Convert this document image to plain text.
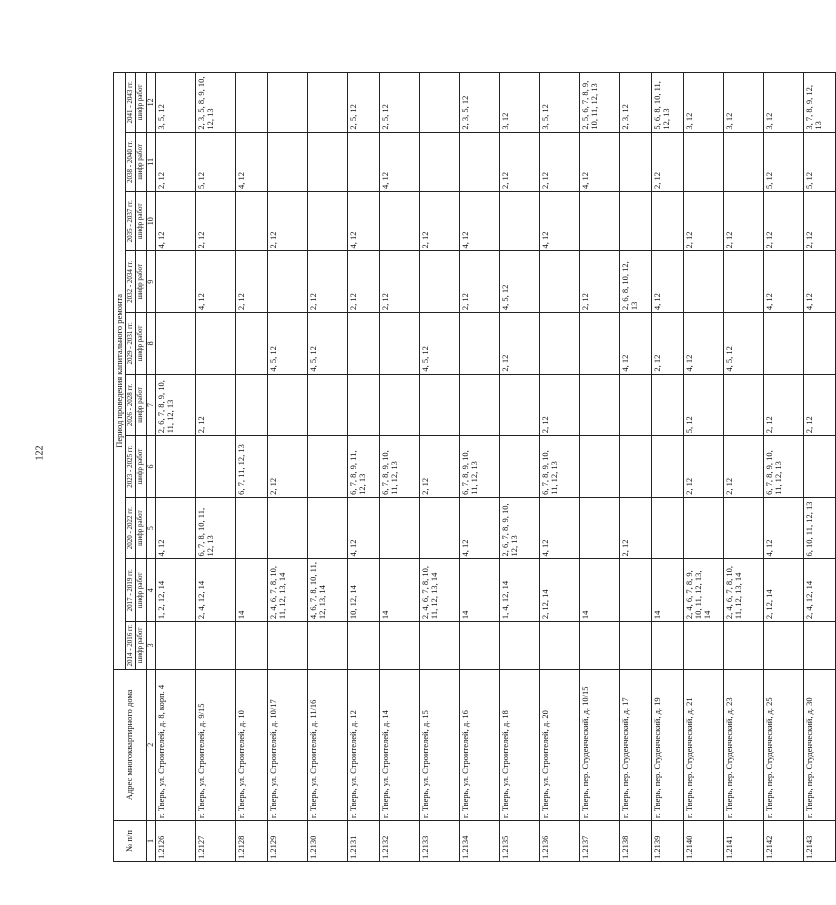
122
№ п/п	Адрес многоквартирного дома	Период проведения капитального ремонта									
		2014 - 2016 гг.	2017 - 2019 гг.	2020 - 2022 гг.	2023 - 2025 гг.	2026 - 2028 гг.	2029 - 2031 гг.	2032 - 2034 гг.	2035 - 2037 гг.	2038 - 2040 гг.	2041 - 2043 гг.
		шифр работ	шифр работ	шифр работ	шифр работ	шифр работ	шифр работ	шифр работ	шифр работ	шифр работ	шифр работ
1	2	3	4	5	6	7	8	9	10	11	12
1.2126	г. Тверь, ул. Строителей, д. 8, корп. 4		1, 2, 12, 14	4, 12		2, 6, 7, 8, 9, 10, 11, 12, 13			4, 12	2, 12	3, 5, 12
1.2127	г. Тверь, ул. Строителей, д. 9/15		2, 4, 12, 14	6, 7, 8, 10, 11, 12, 13		2, 12		4, 12	2, 12	5, 12	2, 3, 5, 8, 9, 10, 12, 13
1.2128	г. Тверь, ул. Строителей, д. 10		14		6, 7, 11, 12, 13			2, 12		4, 12	
1.2129	г. Тверь, ул. Строителей, д. 10/17		2, 4, 6, 7, 8, 10, 11, 12, 13, 14		2, 12		4, 5, 12		2, 12		
1.2130	г. Тверь, ул. Строителей, д. 11/16		4, 6, 7, 8, 10, 11, 12, 13, 14				4, 5, 12	2, 12			
1.2131	г. Тверь, ул. Строителей, д. 12		10, 12, 14	4, 12	6, 7, 8, 9, 11, 12, 13			2, 12	4, 12		2, 5, 12
1.2132	г. Тверь, ул. Строителей, д. 14		14		6, 7, 8, 9, 10, 11, 12, 13			2, 12		4, 12	2, 5, 12
1.2133	г. Тверь, ул. Строителей, д. 15		2, 4, 6, 7, 8, 10, 11, 12, 13, 14		2, 12		4, 5, 12		2, 12		
1.2134	г. Тверь, ул. Строителей, д. 16		14	4, 12	6, 7, 8, 9, 10, 11, 12, 13			2, 12	4, 12		2, 3, 5, 12
1.2135	г. Тверь, ул. Строителей, д. 18		1, 4, 12, 14	2, 6, 7, 8, 9, 10, 12, 13			2, 12	4, 5, 12		2, 12	3, 12
1.2136	г. Тверь, ул. Строителей, д. 20		2, 12, 14	4, 12	6, 7, 8, 9, 10, 11, 12, 13	2, 12			4, 12	2, 12	3, 5, 12
1.2137	г. Тверь, пер. Студенческий, д. 10/15		14					2, 12		4, 12	2, 5, 6, 7, 8, 9, 10, 11, 12, 13
1.2138	г. Тверь, пер. Студенческий, д. 17			2, 12			4, 12	2, 6, 8, 10, 12, 13			2, 3, 12
1.2139	г. Тверь, пер. Студенческий, д. 19		14				2, 12	4, 12		2, 12	5, 6, 8, 10, 11, 12, 13
1.2140	г. Тверь, пер. Студенческий, д. 21		2, 4, 6, 7, 8, 9, 10, 11, 12, 13, 14		2, 12	5, 12	4, 12		2, 12		3, 12
1.2141	г. Тверь, пер. Студенческий, д. 23		2, 4, 6, 7, 8, 10, 11, 12, 13, 14		2, 12		4, 5, 12		2, 12		3, 12
1.2142	г. Тверь, пер. Студенческий, д. 25		2, 12, 14	4, 12	6, 7, 8, 9, 10, 11, 12, 13	2, 12		4, 12	2, 12	5, 12	3, 12
1.2143	г. Тверь, пер. Студенческий, д. 30		2, 4, 12, 14	6, 10, 11, 12, 13		2, 12		4, 12	2, 12	5, 12	3, 7, 8, 9, 12, 13
